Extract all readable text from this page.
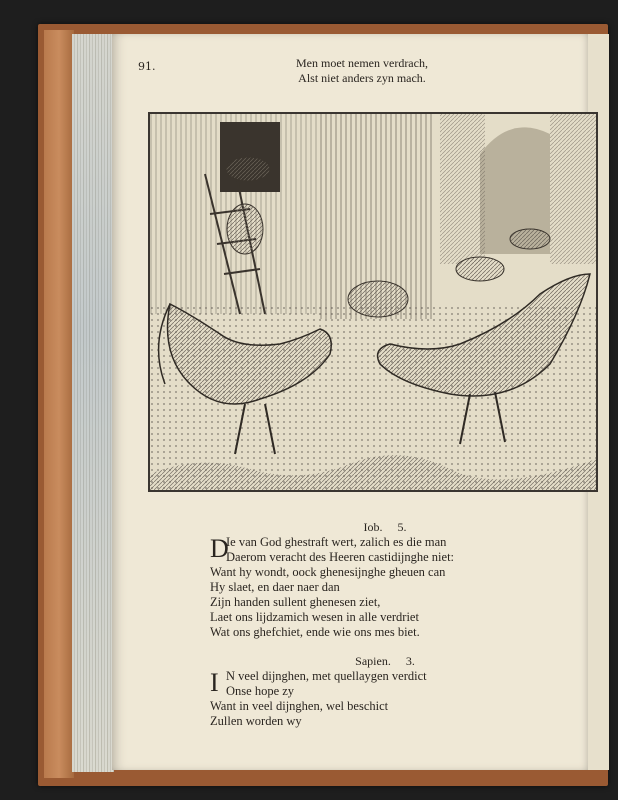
91.	Men moet nemen verdrach,
Alst niet anders zyn mach.
Iob.     5.
D
Ie van God ghestraft wert, zalich es die man
Daerom veracht des Heeren castidijnghe niet:
Want hy wondt, oock ghenesijnghe gheuen can
Hy slaet, en daer naer dan
Zijn handen sullent ghenesen ziet,
Laet ons lijdzamich wesen in alle verdriet
Wat ons ghefchiet, ende wie ons mes biet.
Sapien.     3.
I N veel dijnghen, met quellaygen verdict
Onse hope zy
Want in veel dijnghen, wel beschict
Zullen worden wy
